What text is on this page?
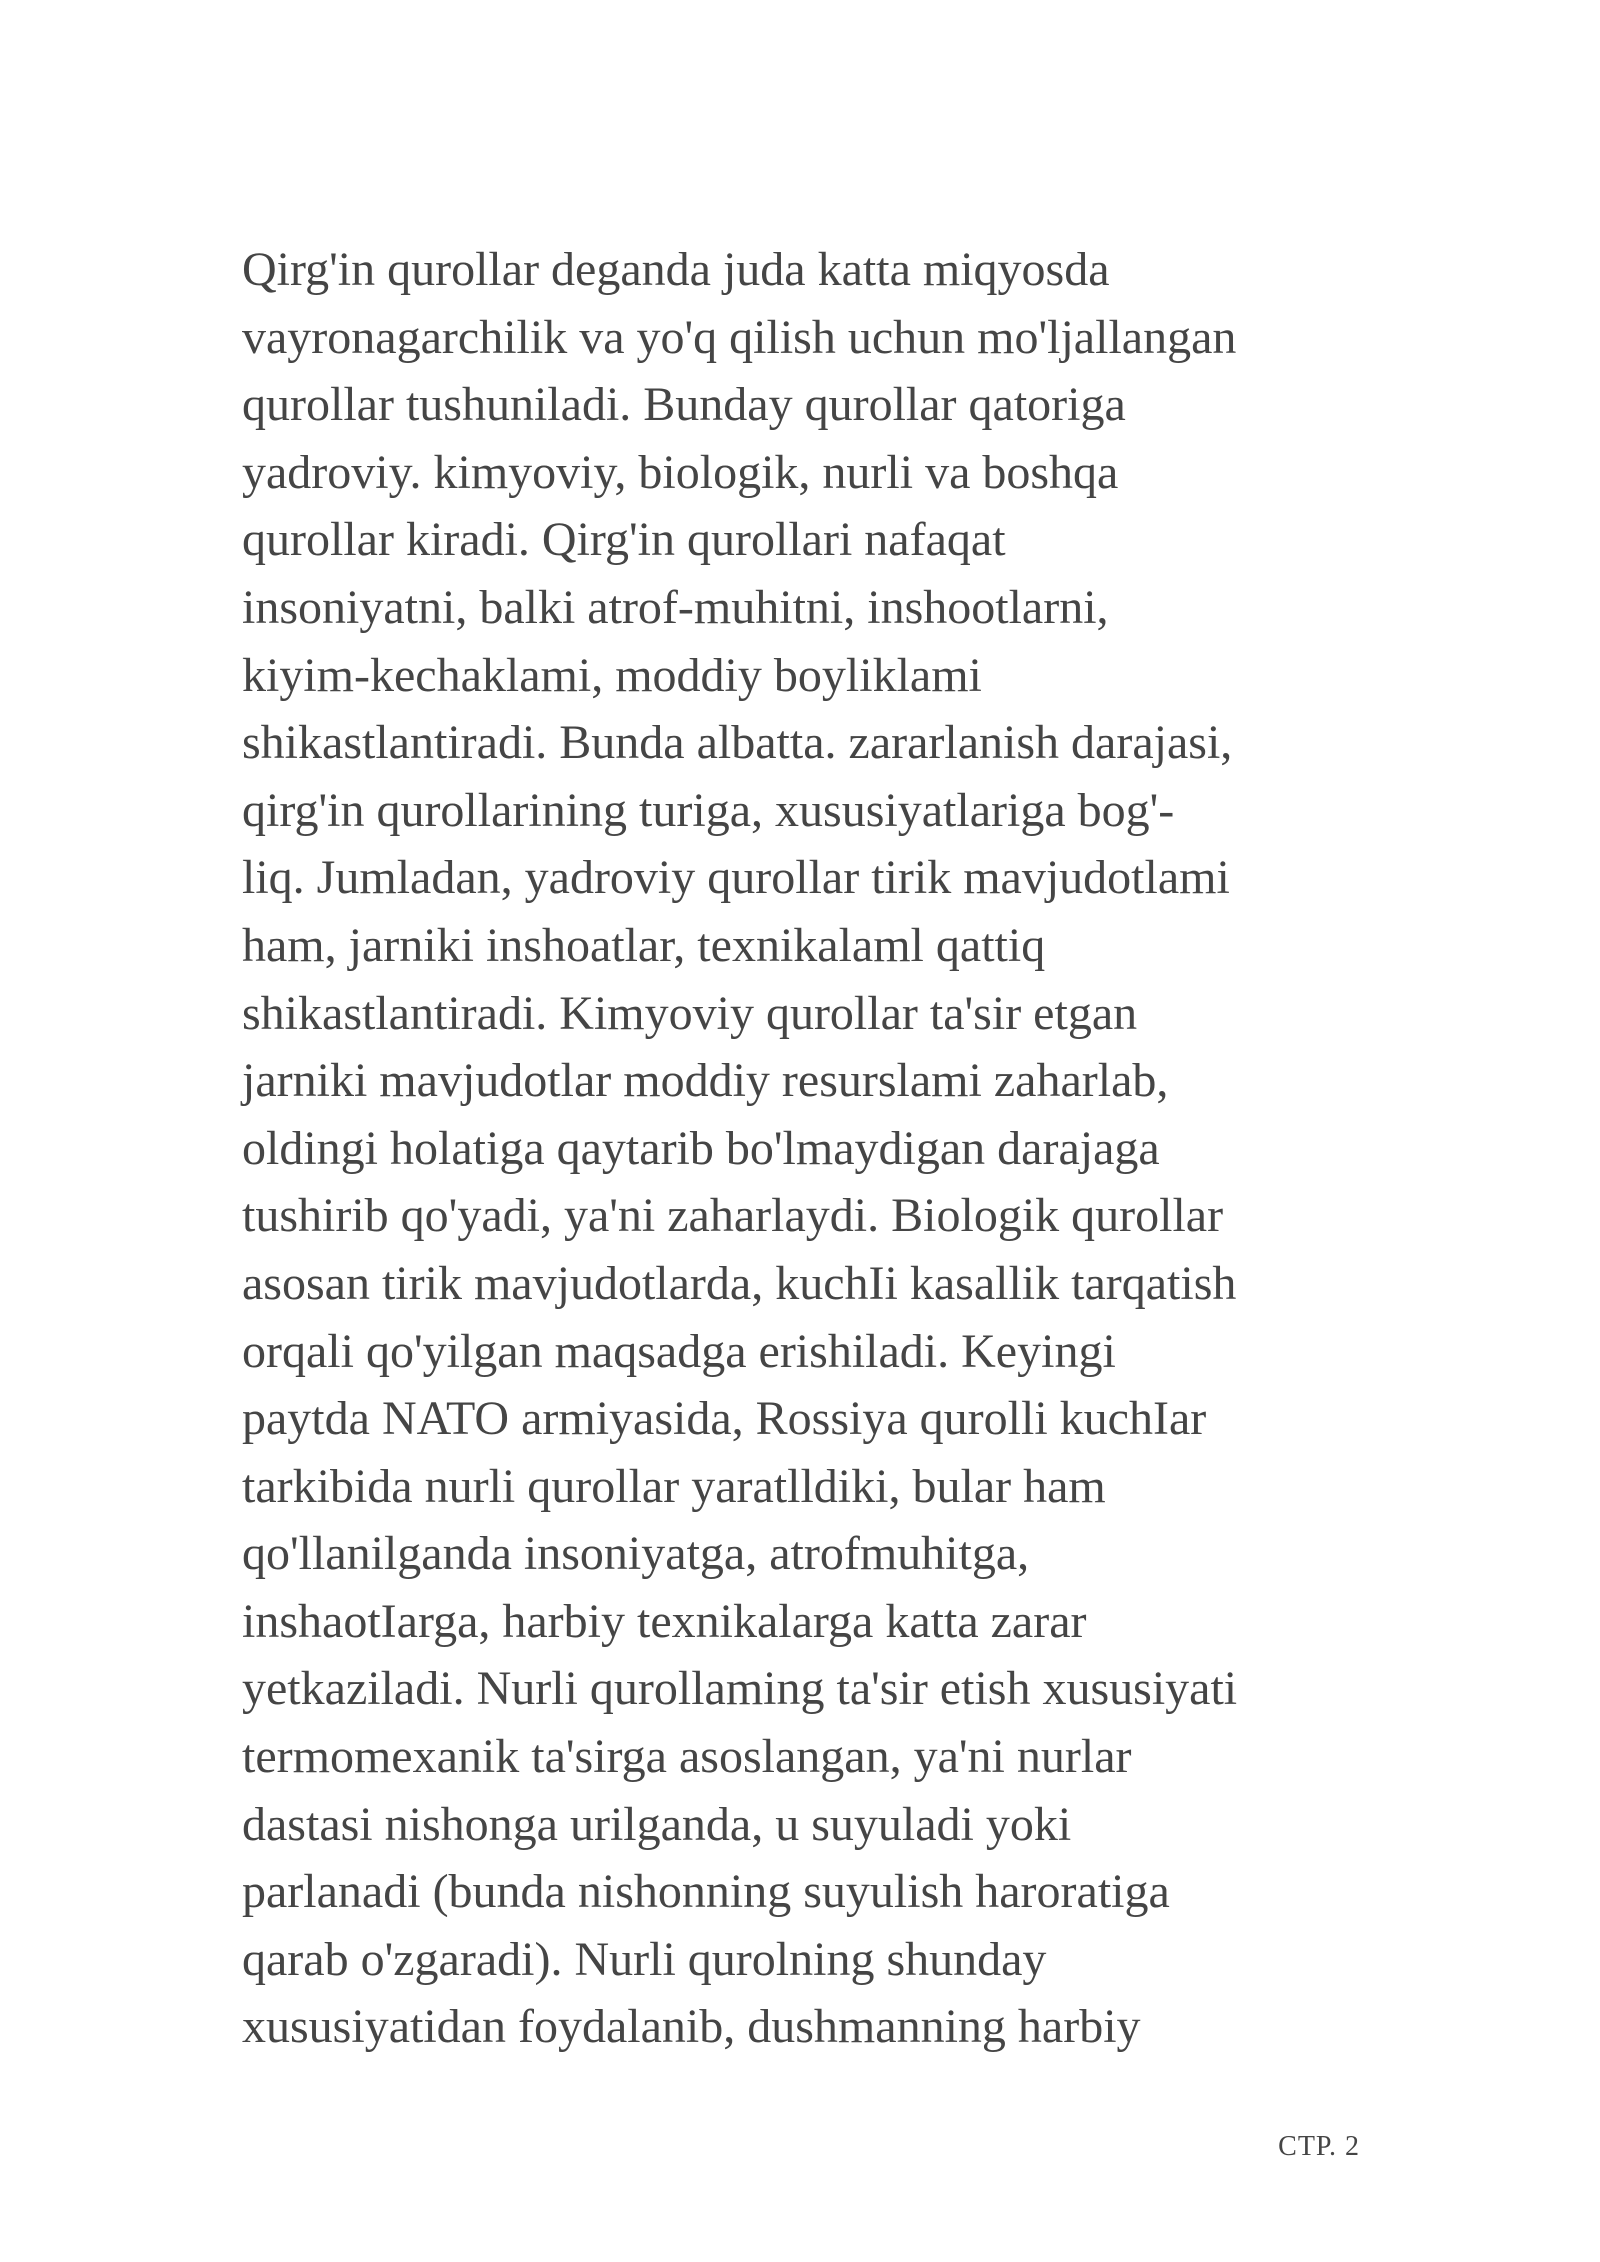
Qirg'in qurollar deganda juda katta miqyosda
vayronagarchilik va yo'q qilish uchun mo'ljallangan
qurollar tushuniladi. Bunday qurollar qatoriga
yadroviy. kimyoviy, biologik, nurli va boshqa
qurollar kiradi. Qirg'in qurollari nafaqat
insoniyatni, balki atrof-muhitni, inshootlarni,
kiyim-kechaklami, moddiy boyliklami
shikastlantiradi. Bunda albatta. zararlanish darajasi,
qirg'in qurollarining turiga, xususiyatlariga bog'-
liq. Jumladan, yadroviy qurollar tirik mavjudotlami
ham, jarniki inshoatlar, texnikalaml qattiq
shikastlantiradi. Kimyoviy qurollar ta'sir etgan
jarniki mavjudotlar moddiy resurslami zaharlab,
oldingi holatiga qaytarib bo'lmaydigan darajaga
tushirib qo'yadi, ya'ni zaharlaydi. Biologik qurollar
asosan tirik mavjudotlarda, kuchIi kasallik tarqatish
orqali qo'yilgan maqsadga erishiladi. Keyingi
paytda NATO armiyasida, Rossiya qurolli kuchIar
tarkibida nurli qurollar yaratlldiki, bular ham
qo'llanilganda insoniyatga, atrofmuhitga,
inshaotIarga, harbiy texnikalarga katta zarar
yetkaziladi. Nurli qurollaming ta'sir etish xususiyati
termomexanik ta'sirga asoslangan, ya'ni nurlar
dastasi nishonga urilganda, u suyuladi yoki
parlanadi (bunda nishonning suyulish haroratiga
qarab o'zgaradi). Nurli qurolning shunday
xususiyatidan foydalanib, dushmanning harbiy

СТР. 2
